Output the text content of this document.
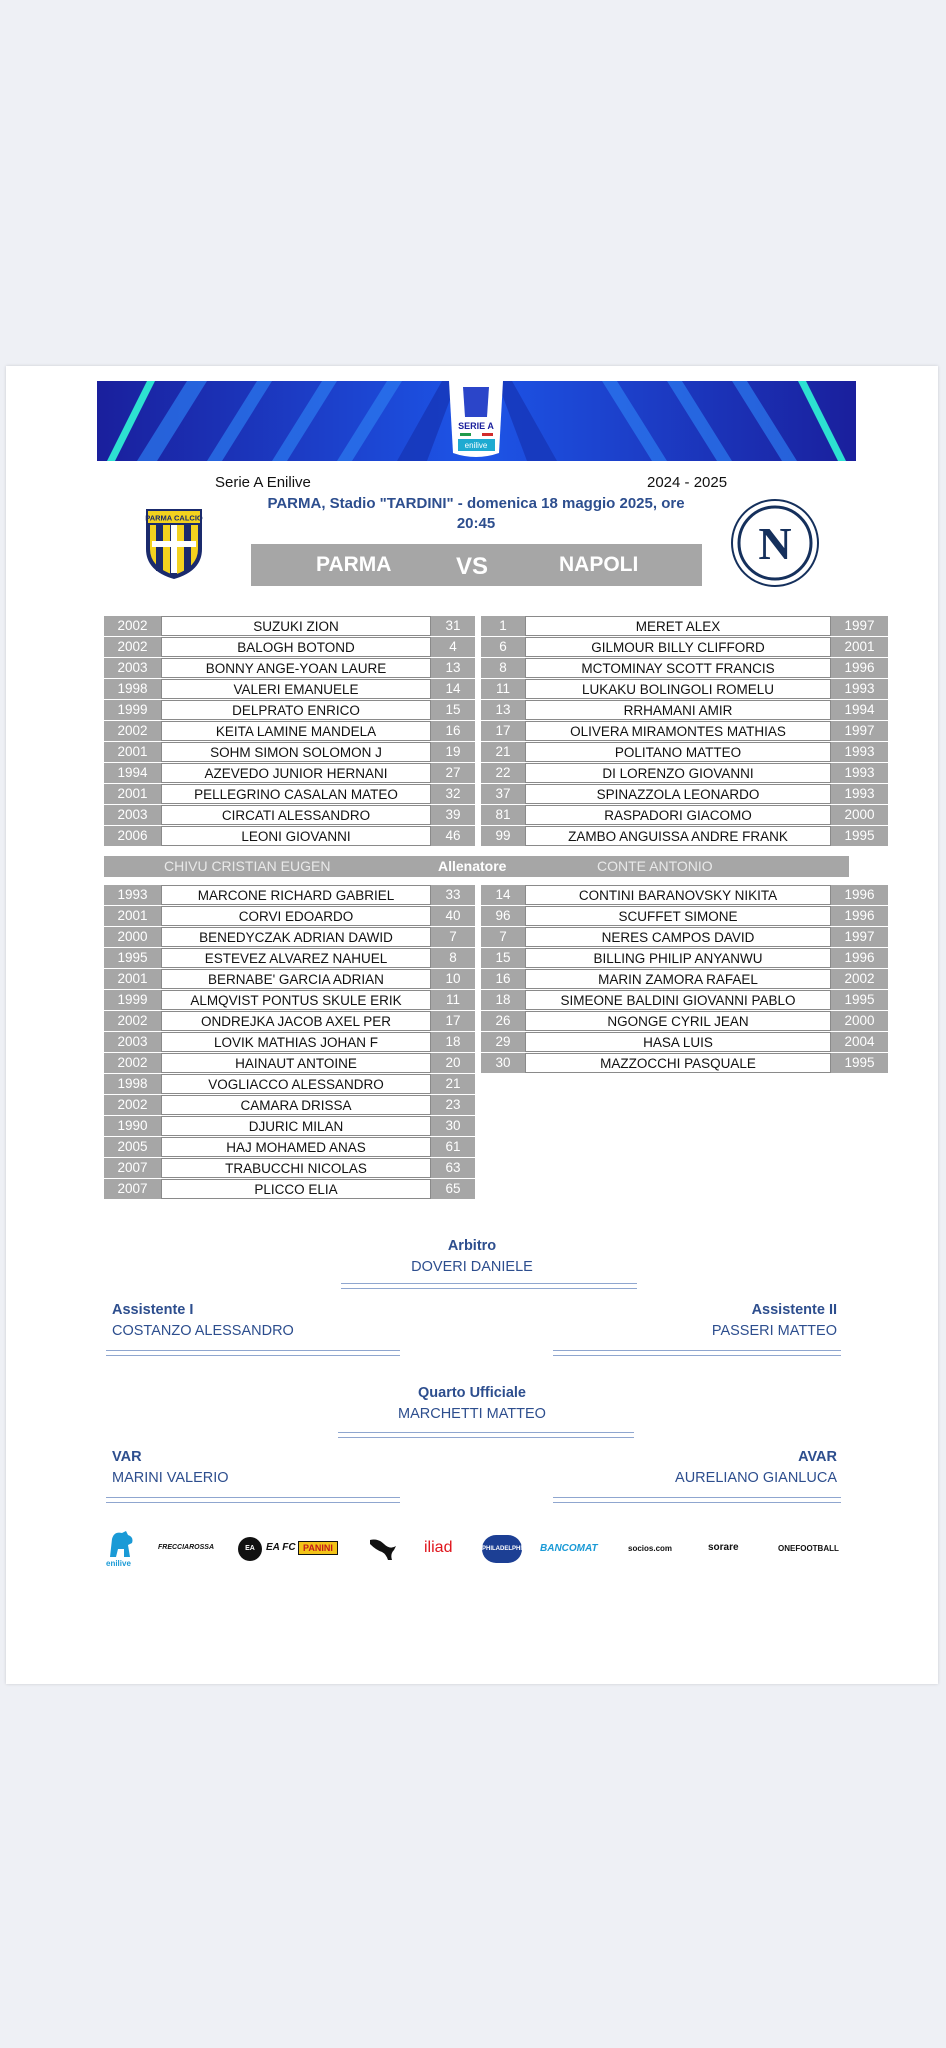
SERIE A
enilive
Serie A Enilive	2024 - 2025
PARMA, Stadio "TARDINI" - domenica 18 maggio 2025, ore
20:45
PARMA CALCIO	N
PARMA	VS	NAPOLI
2002	SUZUKI ZION	31
2002	BALOGH BOTOND	4
2003	BONNY ANGE-YOAN LAURE	13
1998	VALERI EMANUELE	14
1999	DELPRATO ENRICO	15
2002	KEITA LAMINE MANDELA	16
2001	SOHM SIMON SOLOMON J	19
1994	AZEVEDO JUNIOR HERNANI	27
2001	PELLEGRINO CASALAN MATEO	32
2003	CIRCATI ALESSANDRO	39
2006	LEONI GIOVANNI	46
1	MERET ALEX	1997
6	GILMOUR BILLY CLIFFORD	2001
8	MCTOMINAY SCOTT FRANCIS	1996
11	LUKAKU BOLINGOLI ROMELU	1993
13	RRHAMANI AMIR	1994
17	OLIVERA MIRAMONTES MATHIAS	1997
21	POLITANO MATTEO	1993
22	DI LORENZO GIOVANNI	1993
37	SPINAZZOLA LEONARDO	1993
81	RASPADORI GIACOMO	2000
99	ZAMBO ANGUISSA ANDRE FRANK	1995
CHIVU CRISTIAN EUGEN	Allenatore	CONTE ANTONIO
1993	MARCONE RICHARD GABRIEL	33
2001	CORVI EDOARDO	40
2000	BENEDYCZAK ADRIAN DAWID	7
1995	ESTEVEZ ALVAREZ NAHUEL	8
2001	BERNABE' GARCIA ADRIAN	10
1999	ALMQVIST PONTUS SKULE ERIK	11
2002	ONDREJKA JACOB AXEL PER	17
2003	LOVIK MATHIAS JOHAN F	18
2002	HAINAUT ANTOINE	20
1998	VOGLIACCO ALESSANDRO	21
2002	CAMARA DRISSA	23
1990	DJURIC MILAN	30
2005	HAJ MOHAMED ANAS	61
2007	TRABUCCHI NICOLAS	63
2007	PLICCO ELIA	65
14	CONTINI BARANOVSKY NIKITA	1996
96	SCUFFET SIMONE	1996
7	NERES CAMPOS DAVID	1997
15	BILLING PHILIP ANYANWU	1996
16	MARIN ZAMORA RAFAEL	2002
18	SIMEONE BALDINI GIOVANNI PABLO	1995
26	NGONGE CYRIL JEAN	2000
29	HASA LUIS	2004
30	MAZZOCCHI PASQUALE	1995
Arbitro
DOVERI DANIELE
Assistente I
COSTANZO ALESSANDRO
Assistente II
PASSERI MATTEO
Quarto Ufficiale
MARCHETTI MATTEO
VAR
MARINI VALERIO
AVAR
AURELIANO GIANLUCA
enilive
FRECCIAROSSA	EA	EA FC PANINI	iliad	PHILADELPHIA BANCOMAT	socios.com	sorare	ONEFOOTBALL
